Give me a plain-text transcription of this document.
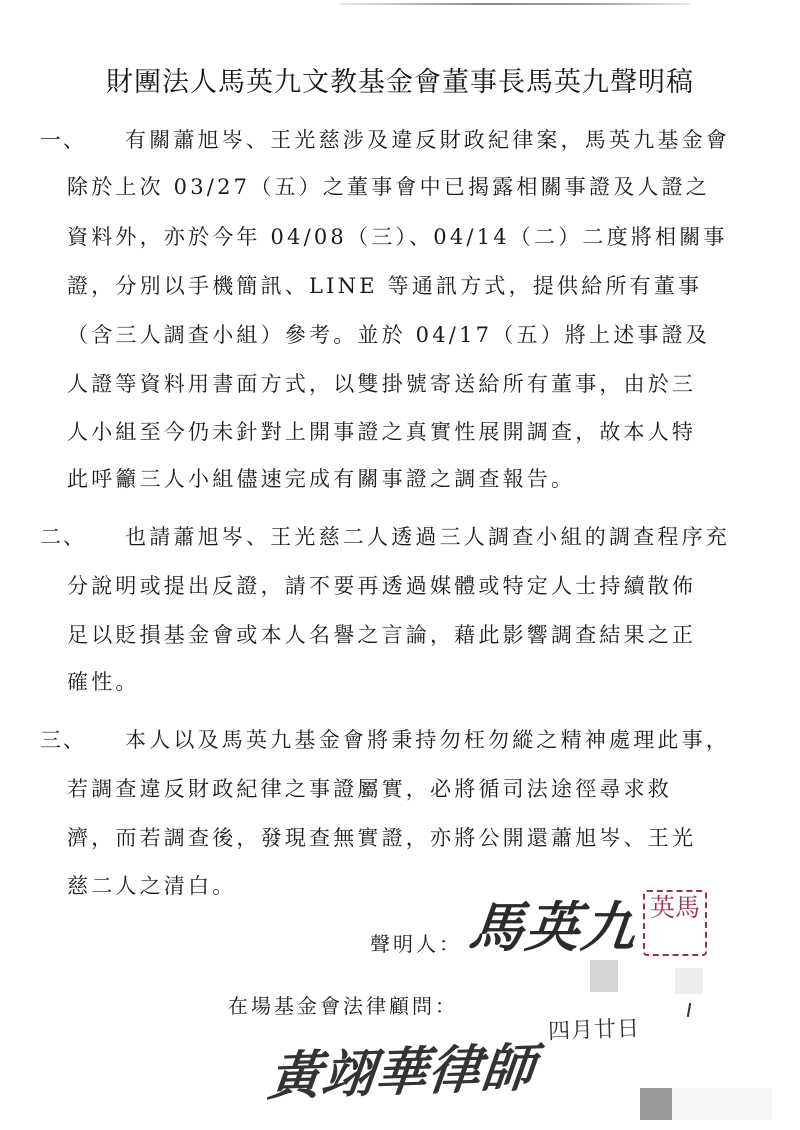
財團法人馬英九文教基金會董事長馬英九聲明稿
一、 有關蕭旭岑、王光慈涉及違反財政紀律案，馬英九基金會
除於上次 03/27（五）之董事會中已揭露相關事證及人證之
資料外，亦於今年 04/08（三）、04/14（二）二度將相關事
證，分別以手機簡訊、LINE 等通訊方式，提供給所有董事
（含三人調查小組）參考。並於 04/17（五）將上述事證及
人證等資料用書面方式，以雙掛號寄送給所有董事，由於三
人小組至今仍未針對上開事證之真實性展開調查，故本人特
此呼籲三人小組儘速完成有關事證之調查報告。
二、 也請蕭旭岑、王光慈二人透過三人調查小組的調查程序充
分說明或提出反證，請不要再透過媒體或特定人士持續散佈
足以貶損基金會或本人名譽之言論，藉此影響調查結果之正
確性。
三、 本人以及馬英九基金會將秉持勿枉勿縱之精神處理此事，
若調查違反財政紀律之事證屬實，必將循司法途徑尋求救
濟，而若調查後，發現查無實證，亦將公開還蕭旭岑、王光
慈二人之清白。
聲明人： 馬英九 英馬
在場基金會法律顧問：
四月廿日
黃翊華律師
